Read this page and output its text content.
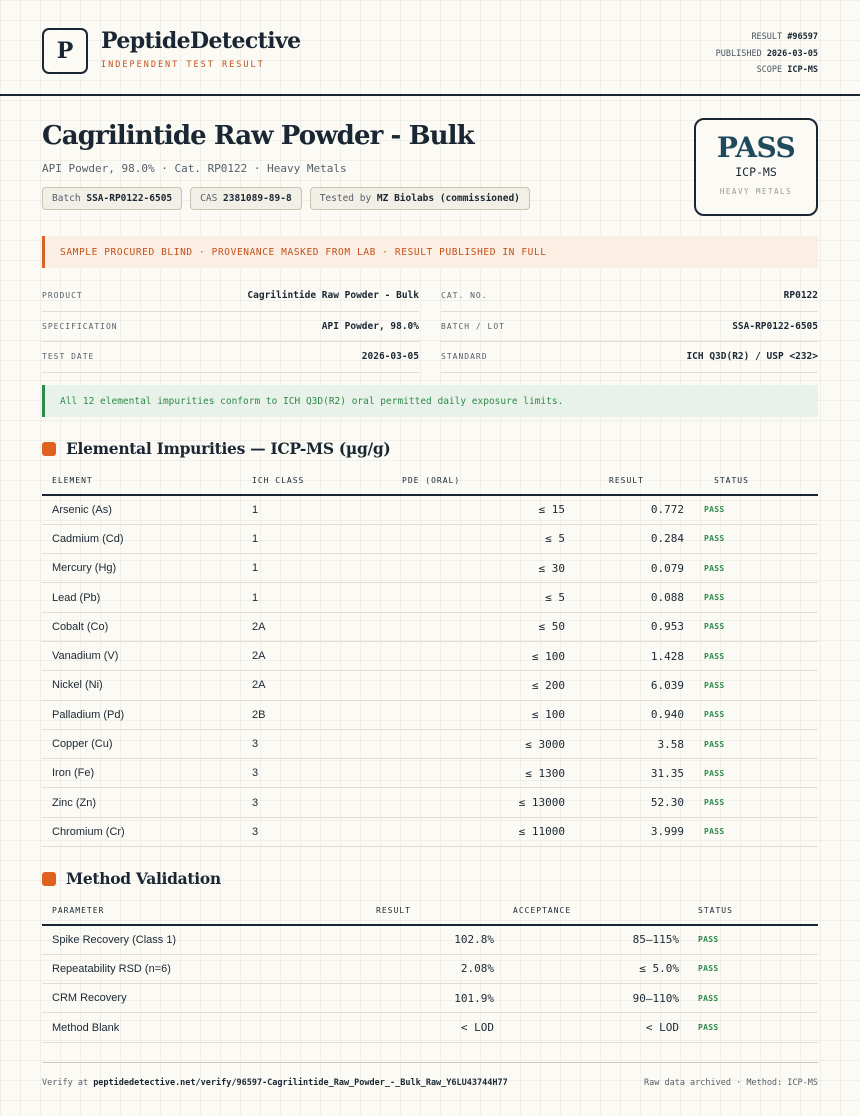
P	PeptideDetective
INDEPENDENT TEST RESULT
RESULT #96597
PUBLISHED 2026-03-05
SCOPE ICP-MS
Cagrilintide Raw Powder - Bulk
API Powder, 98.0% · Cat. RP0122 · Heavy Metals
Batch SSA-RP0122-6505	CAS 2381089-89-8	Tested by MZ Biolabs (commissioned)
PASS
ICP-MS
HEAVY METALS
SAMPLE PROCURED BLIND · PROVENANCE MASKED FROM LAB · RESULT PUBLISHED IN FULL
PRODUCT	Cagrilintide Raw Powder - Bulk
SPECIFICATION	API Powder, 98.0%
TEST DATE	2026-03-05
CAT. NO.	RP0122
BATCH / LOT	SSA-RP0122-6505
STANDARD	ICH Q3D(R2) / USP <232>
All 12 elemental impurities conform to ICH Q3D(R2) oral permitted daily exposure limits.
Elemental Impurities — ICP-MS (µg/g)
ELEMENT	ICH CLASS	PDE (ORAL)	RESULT	STATUS
Arsenic (As)	1	≤ 15	0.772	PASS
Cadmium (Cd)	1	≤ 5	0.284	PASS
Mercury (Hg)	1	≤ 30	0.079	PASS
Lead (Pb)	1	≤ 5	0.088	PASS
Cobalt (Co)	2A	≤ 50	0.953	PASS
Vanadium (V)	2A	≤ 100	1.428	PASS
Nickel (Ni)	2A	≤ 200	6.039	PASS
Palladium (Pd)	2B	≤ 100	0.940	PASS
Copper (Cu)	3	≤ 3000	3.58	PASS
Iron (Fe)	3	≤ 1300	31.35	PASS
Zinc (Zn)	3	≤ 13000	52.30	PASS
Chromium (Cr)	3	≤ 11000	3.999	PASS
Method Validation
PARAMETER	RESULT	ACCEPTANCE	STATUS
Spike Recovery (Class 1)	102.8%	85–115%	PASS
Repeatability RSD (n=6)	2.08%	≤ 5.0%	PASS
CRM Recovery	101.9%	90–110%	PASS
Method Blank	< LOD	< LOD	PASS
Verify at peptidedetective.net/verify/96597-Cagrilintide_Raw_Powder_-_Bulk_Raw_Y6LU43744H77	Raw data archived · Method: ICP-MS
